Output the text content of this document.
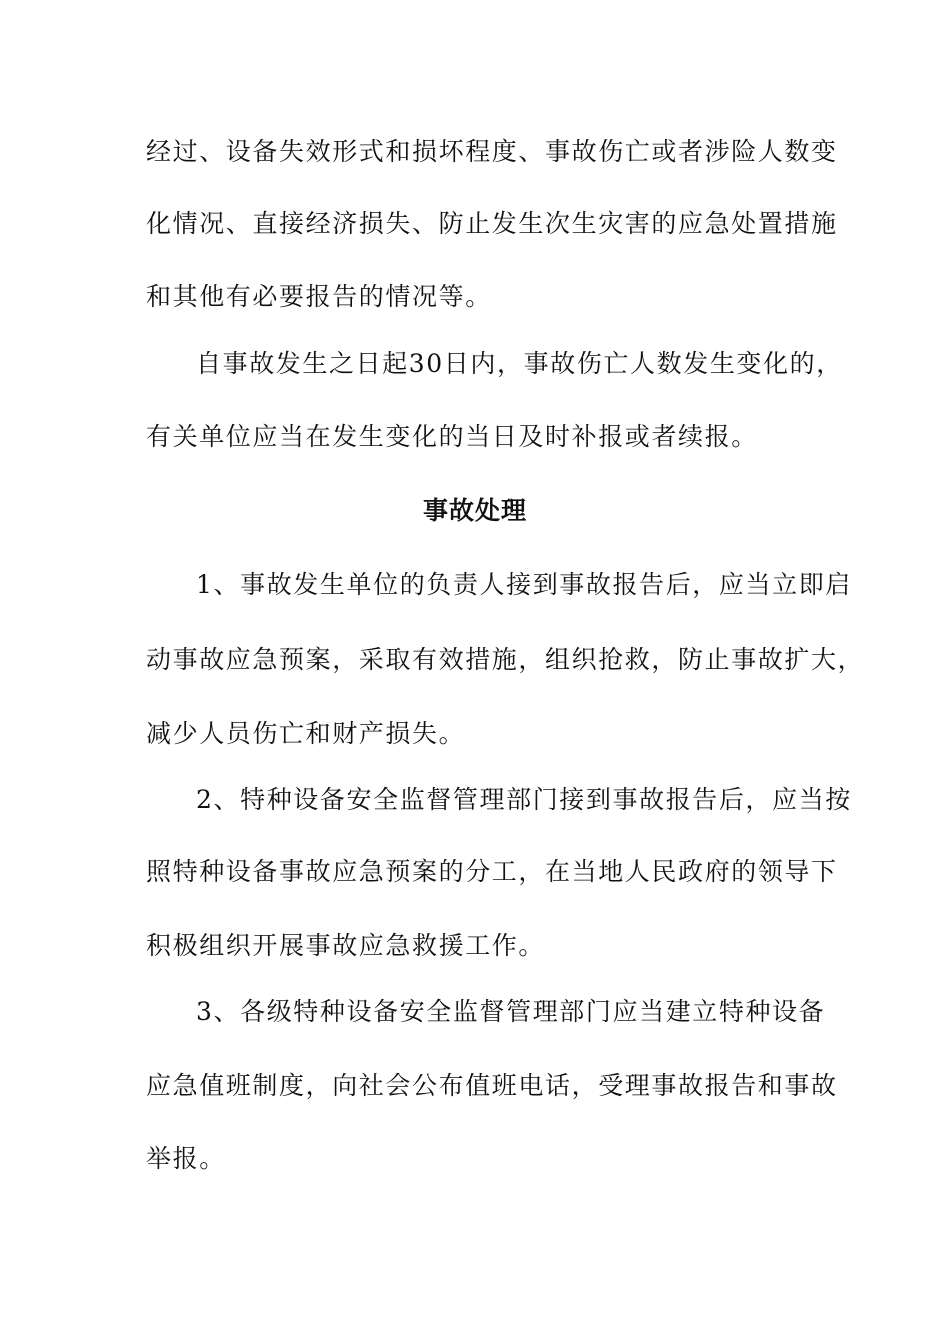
经过、设备失效形式和损坏程度、事故伤亡或者涉险人数变
化情况、直接经济损失、防止发生次生灾害的应急处置措施
和其他有必要报告的情况等。
自事故发生之日起30日内，事故伤亡人数发生变化的，
有关单位应当在发生变化的当日及时补报或者续报。
事故处理
1、事故发生单位的负责人接到事故报告后，应当立即启
动事故应急预案，采取有效措施，组织抢救，防止事故扩大，
减少人员伤亡和财产损失。
2、特种设备安全监督管理部门接到事故报告后，应当按
照特种设备事故应急预案的分工，在当地人民政府的领导下
积极组织开展事故应急救援工作。
3、各级特种设备安全监督管理部门应当建立特种设备
应急值班制度，向社会公布值班电话，受理事故报告和事故
举报。
